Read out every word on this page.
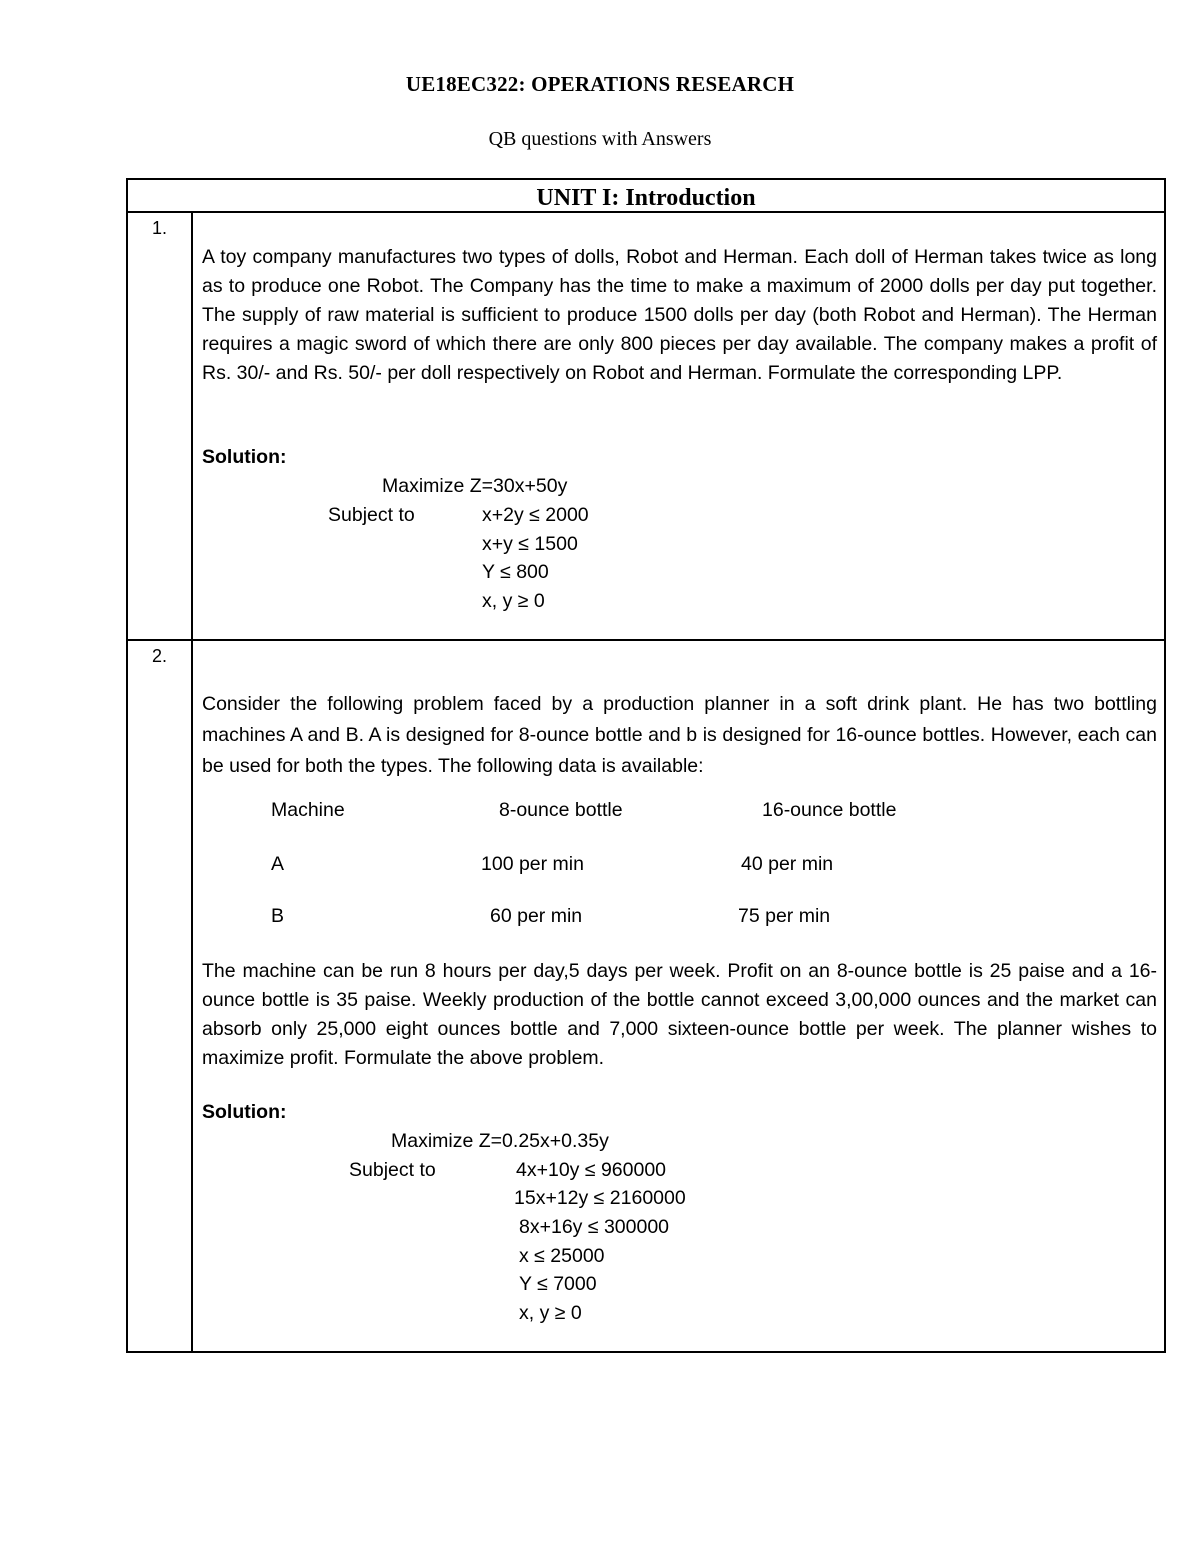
UE18EC322: OPERATIONS RESEARCH
QB questions with Answers
UNIT I: Introduction
1.
A toy company manufactures two types of dolls, Robot and Herman. Each doll of Herman takes twice as long as to produce one Robot. The Company has the time to make a maximum of 2000 dolls per day put together. The supply of raw material is sufficient to produce 1500 dolls per day (both Robot and Herman). The Herman requires a magic sword of which there are only 800 pieces per day available. The company makes a profit of Rs. 30/- and Rs. 50/- per doll respectively on Robot and Herman. Formulate the corresponding LPP.
Solution:
Maximize Z=30x+50y
Subject to	x+2y ≤ 2000
x+y ≤ 1500
Y ≤ 800
x, y ≥ 0
2.
Consider the following problem faced by a production planner in a soft drink plant. He has two bottling machines A and B. A is designed for 8-ounce bottle and b is designed for 16-ounce bottles. However, each can be used for both the types. The following data is available:
Machine	8-ounce bottle	16-ounce bottle
A	100 per min	40 per min
B	60 per min	75 per min
The machine can be run 8 hours per day,5 days per week. Profit on an 8-ounce bottle is 25 paise and a 16-ounce bottle is 35 paise. Weekly production of the bottle cannot exceed 3,00,000 ounces and the market can absorb only 25,000 eight ounces bottle and 7,000 sixteen-ounce bottle per week. The planner wishes to maximize profit. Formulate the above problem.
Solution:
Maximize Z=0.25x+0.35y
Subject to	4x+10y ≤ 960000
15x+12y ≤ 2160000
8x+16y ≤ 300000
x ≤ 25000
Y ≤ 7000
x, y ≥ 0
